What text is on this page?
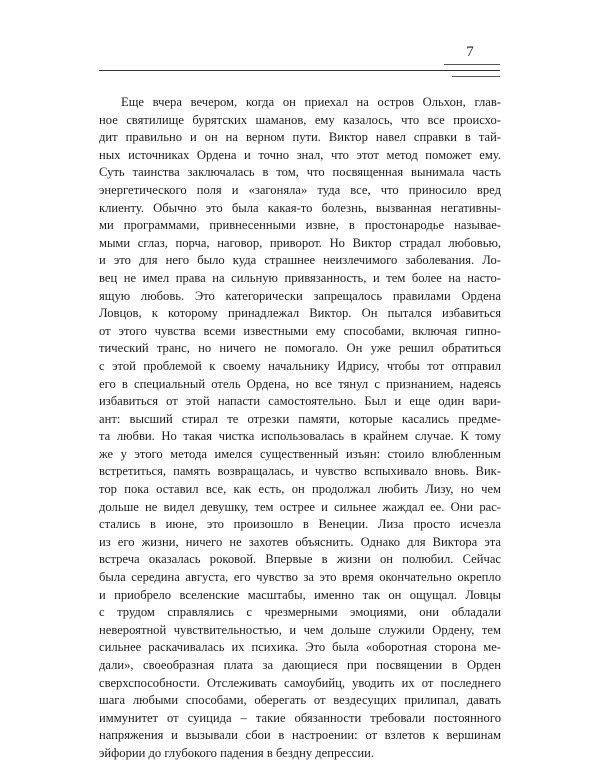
7
Еще вчера вечером, когда он приехал на остров Ольхон, глав-
ное святилище бурятских шаманов, ему казалось, что все происхо-
дит правильно и он на верном пути. Виктор навел справки в тай-
ных источниках Ордена и точно знал, что этот метод поможет ему.
Суть таинства заключалась в том, что посвященная вынимала часть
энергетического поля и «загоняла» туда все, что приносило вред
клиенту. Обычно это была какая-то болезнь, вызванная негативны-
ми программами, привнесенными извне, в простонародье называе-
мыми сглаз, порча, наговор, приворот. Но Виктор страдал любовью,
и это для него было куда страшнее неизлечимого заболевания. Ло-
вец не имел права на сильную привязанность, и тем более на насто-
ящую любовь. Это категорически запрещалось правилами Ордена
Ловцов, к которому принадлежал Виктор. Он пытался избавиться
от этого чувства всеми известными ему способами, включая гипно-
тический транс, но ничего не помогало. Он уже решил обратиться
с этой проблемой к своему начальнику Идрису, чтобы тот отправил
его в специальный отель Ордена, но все тянул с признанием, надеясь
избавиться от этой напасти самостоятельно. Был и еще один вари-
ант: высший стирал те отрезки памяти, которые касались предме-
та любви. Но такая чистка использовалась в крайнем случае. К тому
же у этого метода имелся существенный изъян: стоило влюбленным
встретиться, память возвращалась, и чувство вспыхивало вновь. Вик-
тор пока оставил все, как есть, он продолжал любить Лизу, но чем
дольше не видел девушку, тем острее и сильнее жаждал ее. Они рас-
стались в июне, это произошло в Венеции. Лиза просто исчезла
из его жизни, ничего не захотев объяснить. Однако для Виктора эта
встреча оказалась роковой. Впервые в жизни он полюбил. Сейчас
была середина августа, его чувство за это время окончательно окрепло
и приобрело вселенские масштабы, именно так он ощущал. Ловцы
с трудом справлялись с чрезмерными эмоциями, они обладали
невероятной чувствительностью, и чем дольше служили Ордену, тем
сильнее раскачивалась их психика. Это была «оборотная сторона ме-
дали», своеобразная плата за дающиеся при посвящении в Орден
сверхспособности. Отслеживать самоубийц, уводить их от последнего
шага любыми способами, оберегать от вездесущих прилипал, давать
иммунитет от суицида – такие обязанности требовали постоянного
напряжения и вызывали сбои в настроении: от взлетов к вершинам
эйфории до глубокого падения в бездну депрессии.
